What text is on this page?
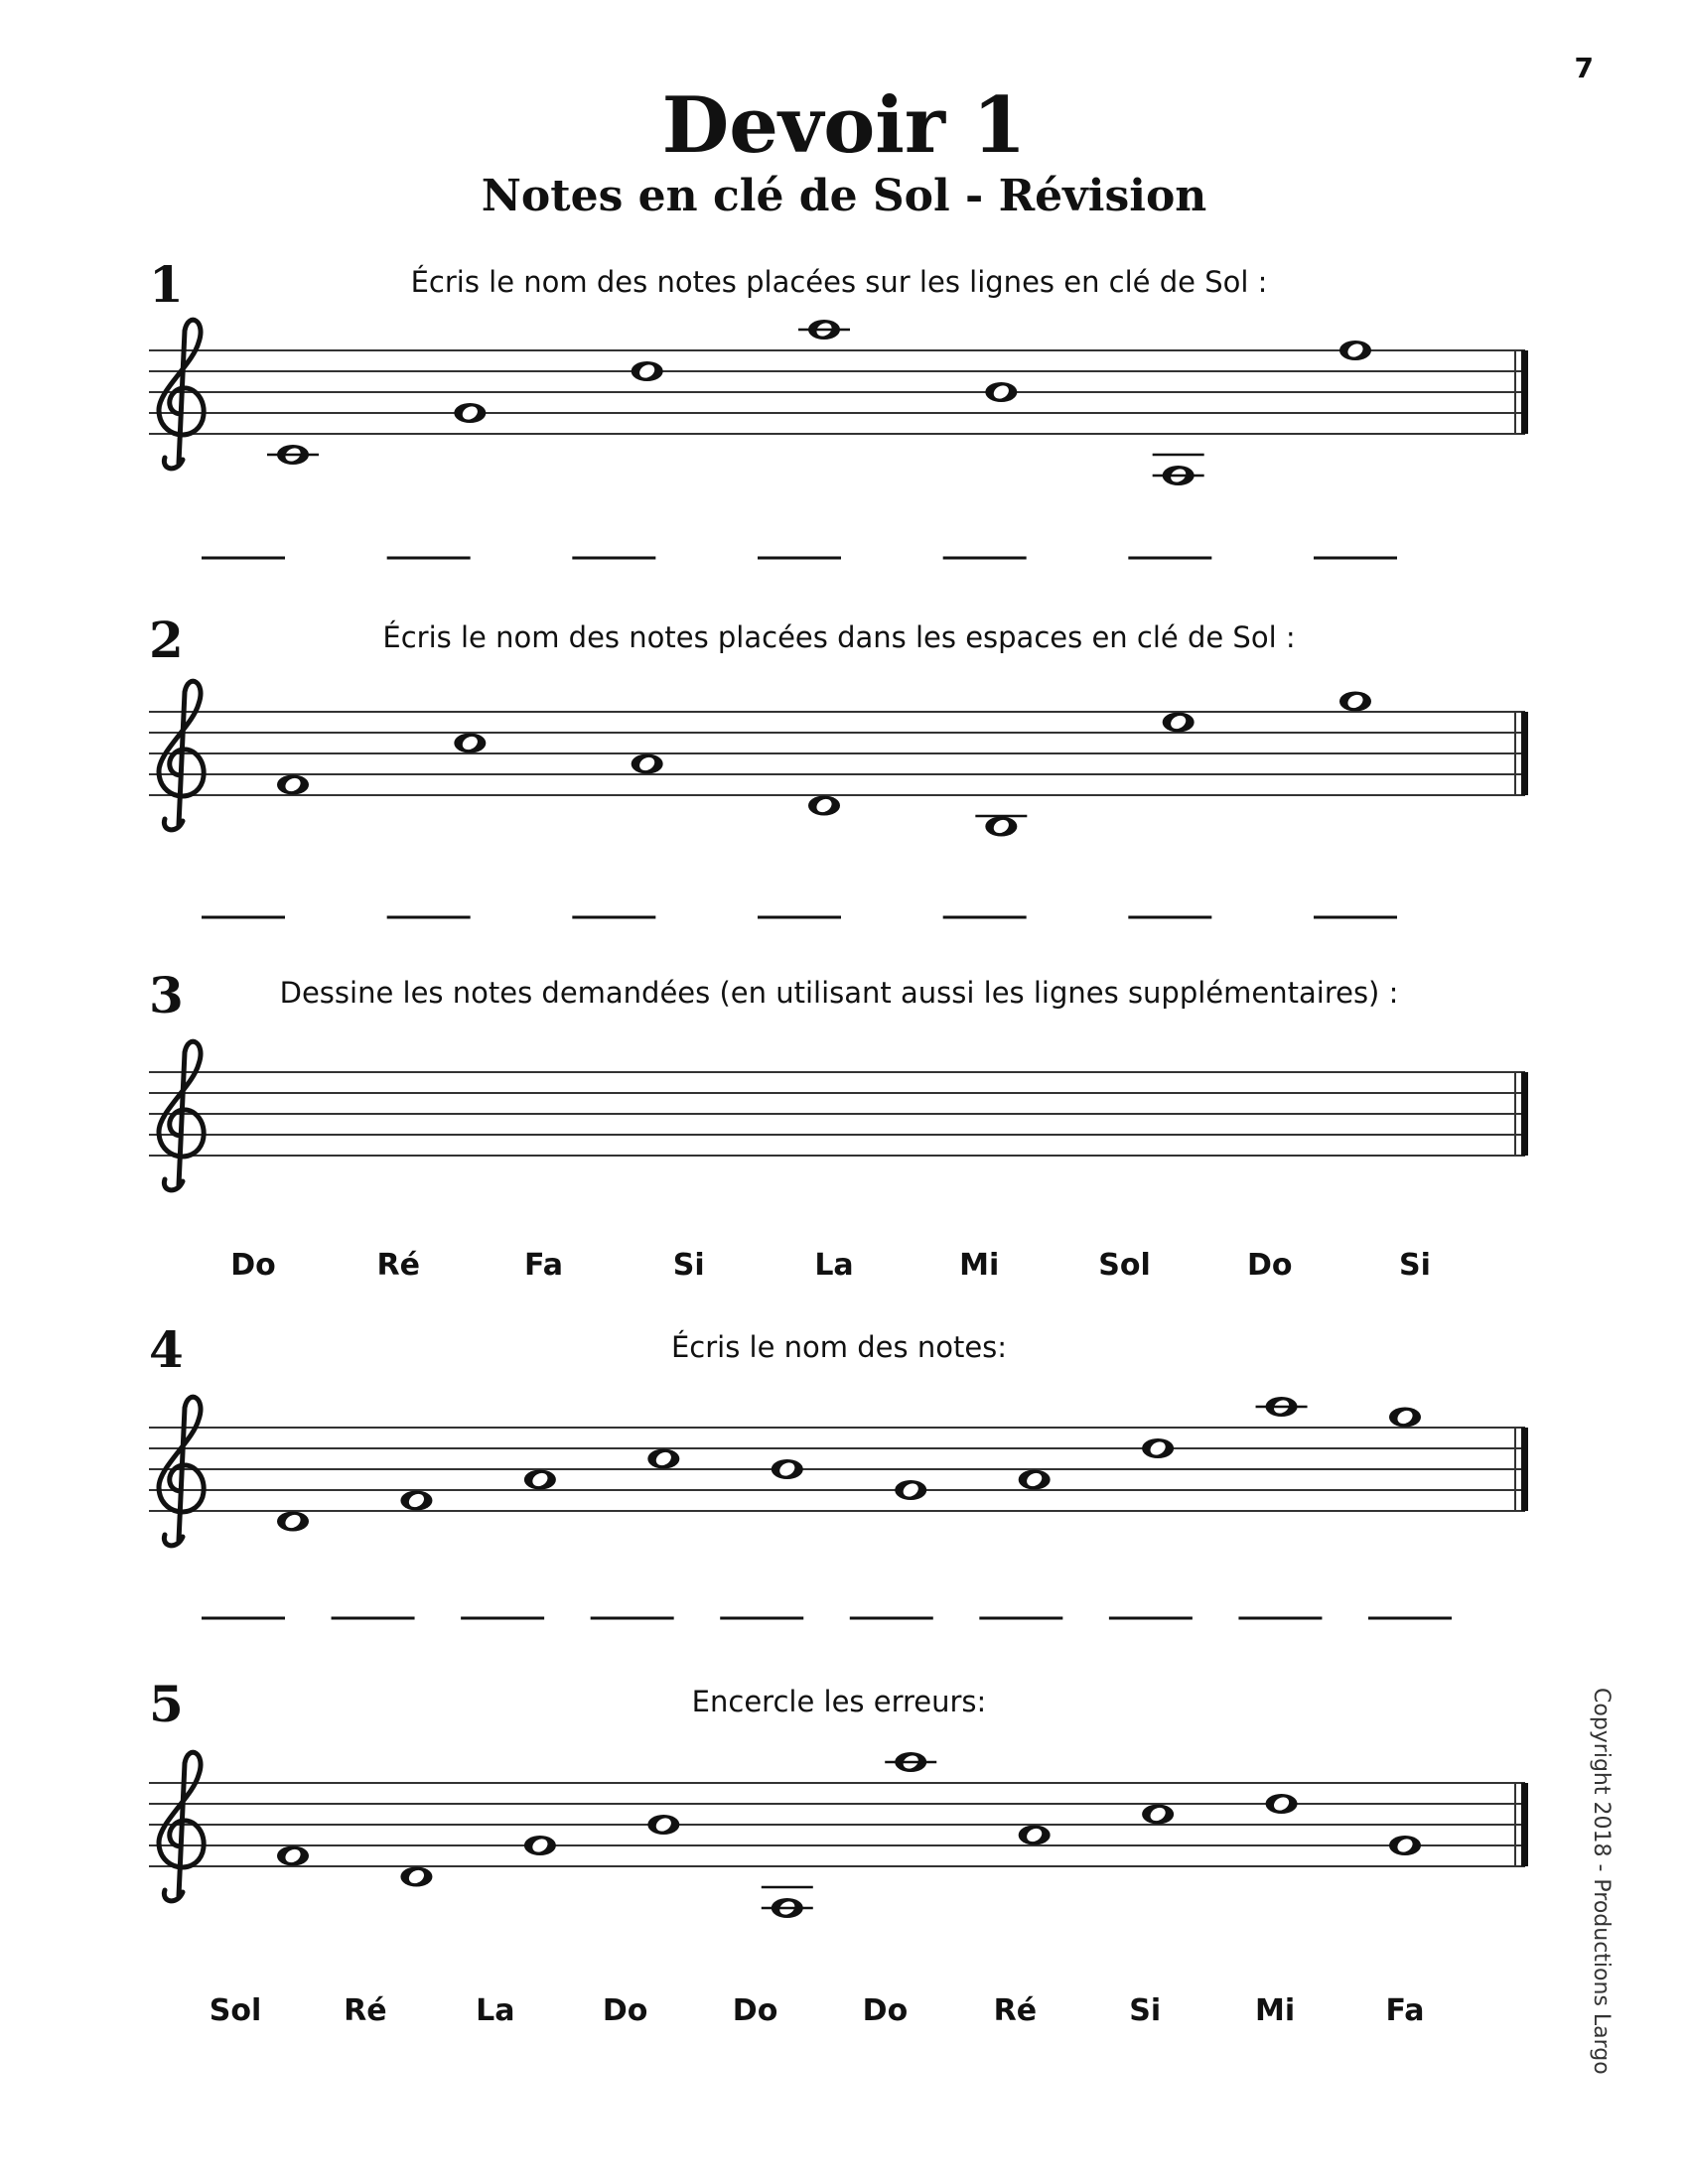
7
Devoir 1
Notes en clé de Sol - Révision
1	Écris le nom des notes placées sur les lignes en clé de Sol :
2	Écris le nom des notes placées dans les espaces en clé de Sol :
3	Dessine les notes demandées (en utilisant aussi les lignes supplémentaires) :
4	Écris le nom des notes:
5	Encercle les erreurs:	Copyright 2018 - Productions Largo
Do	Ré	Fa	Si	La	Mi	Sol	Do	Si
Sol	Ré	La	Do	Do	Do	Ré	Si	Mi	Fa
